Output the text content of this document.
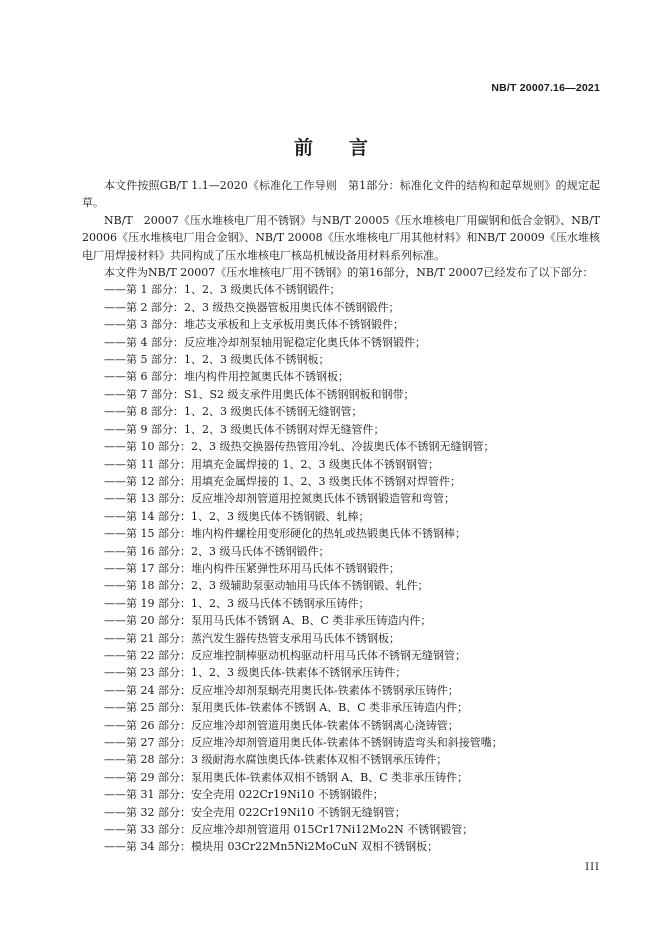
NB/T 20007.16—2021
前 言

本文件按照GB/T 1.1—2020《标准化工作导则　第1部分：标准化文件的结构和起草规则》的规定起草。

NB/T　20007《压水堆核电厂用不锈钢》与NB/T 20005《压水堆核电厂用碳钢和低合金钢》、NB/T 20006《压水堆核电厂用合金钢》、NB/T 20008《压水堆核电厂用其他材料》和NB/T 20009《压水堆核电厂用焊接材料》共同构成了压水堆核电厂核岛机械设备用材料系列标准。

本文件为NB/T 20007《压水堆核电厂用不锈钢》的第16部分，NB/T 20007已经发布了以下部分：

——第 1 部分：1、2、3 级奥氏体不锈钢锻件；

——第 2 部分：2、3 级热交换器管板用奥氏体不锈钢锻件；

——第 3 部分：堆芯支承板和上支承板用奥氏体不锈钢锻件；

——第 4 部分：反应堆冷却剂泵轴用铌稳定化奥氏体不锈钢锻件；

——第 5 部分：1、2、3 级奥氏体不锈钢板；

——第 6 部分：堆内构件用控氮奥氏体不锈钢板；

——第 7 部分：S1、S2 级支承件用奥氏体不锈钢钢板和钢带；

——第 8 部分：1、2、3 级奥氏体不锈钢无缝钢管；

——第 9 部分：1、2、3 级奥氏体不锈钢对焊无缝管件；

——第 10 部分：2、3 级热交换器传热管用冷轧、冷拔奥氏体不锈钢无缝钢管；

——第 11 部分：用填充金属焊接的 1、2、3 级奥氏体不锈钢钢管；

——第 12 部分：用填充金属焊接的 1、2、3 级奥氏体不锈钢对焊管件；

——第 13 部分：反应堆冷却剂管道用控氮奥氏体不锈钢锻造管和弯管；

——第 14 部分：1、2、3 级奥氏体不锈钢锻、轧棒；

——第 15 部分：堆内构件螺栓用变形硬化的热轧或热锻奥氏体不锈钢棒；

——第 16 部分：2、3 级马氏体不锈钢锻件；

——第 17 部分：堆内构件压紧弹性环用马氏体不锈钢锻件；

——第 18 部分：2、3 级辅助泵驱动轴用马氏体不锈钢锻、轧件；

——第 19 部分：1、2、3 级马氏体不锈钢承压铸件；

——第 20 部分：泵用马氏体不锈钢 A、B、C 类非承压铸造内件；

——第 21 部分：蒸汽发生器传热管支承用马氏体不锈钢板；

——第 22 部分：反应堆控制棒驱动机构驱动杆用马氏体不锈钢无缝钢管；

——第 23 部分：1、2、3 级奥氏体-铁素体不锈钢承压铸件；

——第 24 部分：反应堆冷却剂泵蜗壳用奥氏体-铁素体不锈钢承压铸件；

——第 25 部分：泵用奥氏体-铁素体不锈钢 A、B、C 类非承压铸造内件；

——第 26 部分：反应堆冷却剂管道用奥氏体-铁素体不锈钢离心浇铸管；

——第 27 部分：反应堆冷却剂管道用奥氏体-铁素体不锈钢铸造弯头和斜接管嘴；

——第 28 部分：3 级耐海水腐蚀奥氏体-铁素体双相不锈钢承压铸件；

——第 29 部分：泵用奥氏体-铁素体双相不锈钢 A、B、C 类非承压铸件；

——第 31 部分：安全壳用 022Cr19Ni10 不锈钢锻件；

——第 32 部分：安全壳用 022Cr19Ni10 不锈钢无缝钢管；

——第 33 部分：反应堆冷却剂管道用 015Cr17Ni12Mo2N 不锈钢锻管；

——第 34 部分：模块用 03Cr22Mn5Ni2MoCuN 双相不锈钢板；

III
